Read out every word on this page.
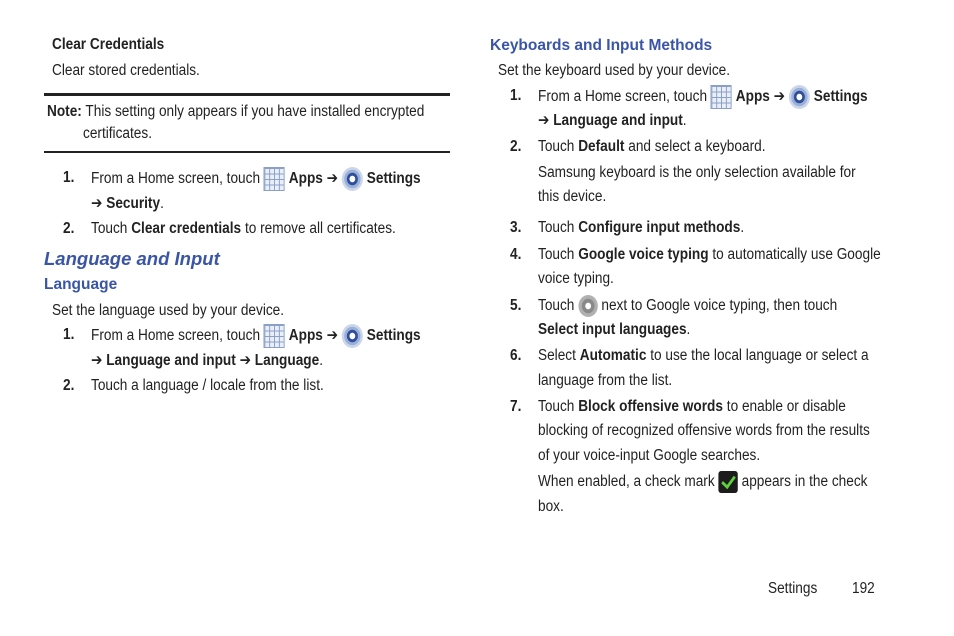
Clear Credentials
Clear stored credentials.
Note: This setting only appears if you have installed encrypted
certificates.
1. From a Home screen, touch Apps ➔ Settings
➔ Security.
2. Touch Clear credentials to remove all certificates.
Language and Input
Language
Set the language used by your device.
1. From a Home screen, touch Apps ➔ Settings
➔ Language and input ➔ Language.
2. Touch a language / locale from the list.
Keyboards and Input Methods
Set the keyboard used by your device.
1. From a Home screen, touch Apps ➔ Settings
➔ Language and input.
2. Touch Default and select a keyboard.
Samsung keyboard is the only selection available for
this device.
3. Touch Configure input methods.
4. Touch Google voice typing to automatically use Google
voice typing.
5. Touch next to Google voice typing, then touch
Select input languages.
6. Select Automatic to use the local language or select a
language from the list.
7. Touch Block offensive words to enable or disable
blocking of recognized offensive words from the results
of your voice-input Google searches.
When enabled, a check mark appears in the check
box.
Settings 192
